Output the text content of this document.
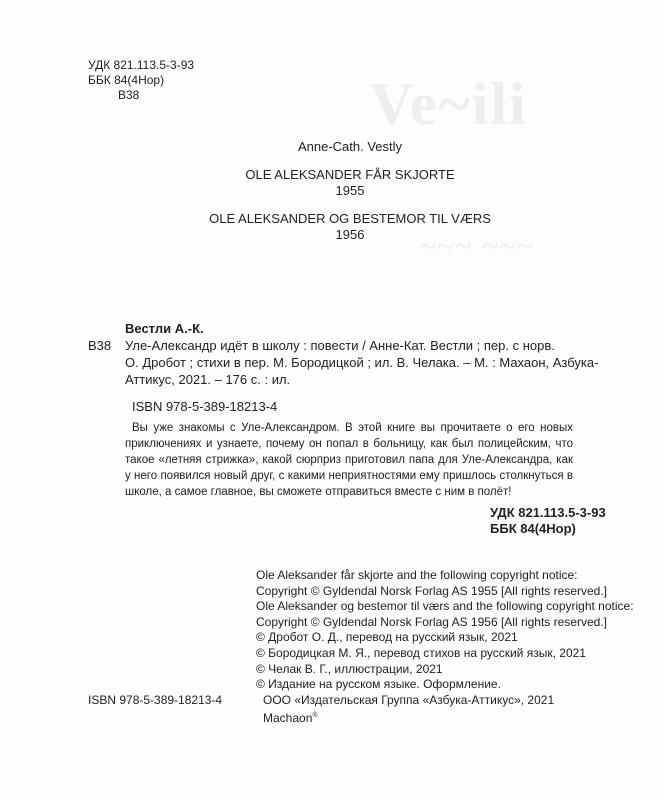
Ve~ili
~~~ ~~~
УДК 821.113.5-3-93
ББК 84(4Нор)
В38
Anne-Cath. Vestly
OLE ALEKSANDER FÅR SKJORTE
1955
OLE ALEKSANDER OG BESTEMOR TIL VÆRS
1956
Вестли А.-К.
В38 Уле-Александр идёт в школу : повести / Анне-Кат. Вестли ; пер. с норв.
О. Дробот ; стихи в пер. М. Бородицкой ; ил. В. Челака. – М. : Махаон, Азбука-
Аттикус, 2021. – 176 с. : ил.
ISBN 978-5-389-18213-4
Вы уже знакомы с Уле-Александром. В этой книге вы прочитаете о его новых приключениях и узнаете, почему он попал в больницу, как был полицейским, что такое «летняя стрижка», какой сюрприз приготовил папа для Уле-Александра, как у него появился новый друг, с какими неприятностями ему пришлось столкнуться в школе, а самое главное, вы сможете отправиться вместе с ним в полёт!
УДК 821.113.5-3-93
ББК 84(4Нор)
Ole Aleksander får skjorte and the following copyright notice:
Copyright © Gyldendal Norsk Forlag AS 1955 [All rights reserved.]
Ole Aleksander og bestemor til værs and the following copyright notice:
Copyright © Gyldendal Norsk Forlag AS 1956 [All rights reserved.]
© Дробот О. Д., перевод на русский язык, 2021
© Бородицкая М. Я., перевод стихов на русский язык, 2021
© Челак В. Г., иллюстрации, 2021
© Издание на русском языке. Оформление.
ООО «Издательская Группа «Азбука-Аттикус», 2021
Machaon®
ISBN 978-5-389-18213-4
